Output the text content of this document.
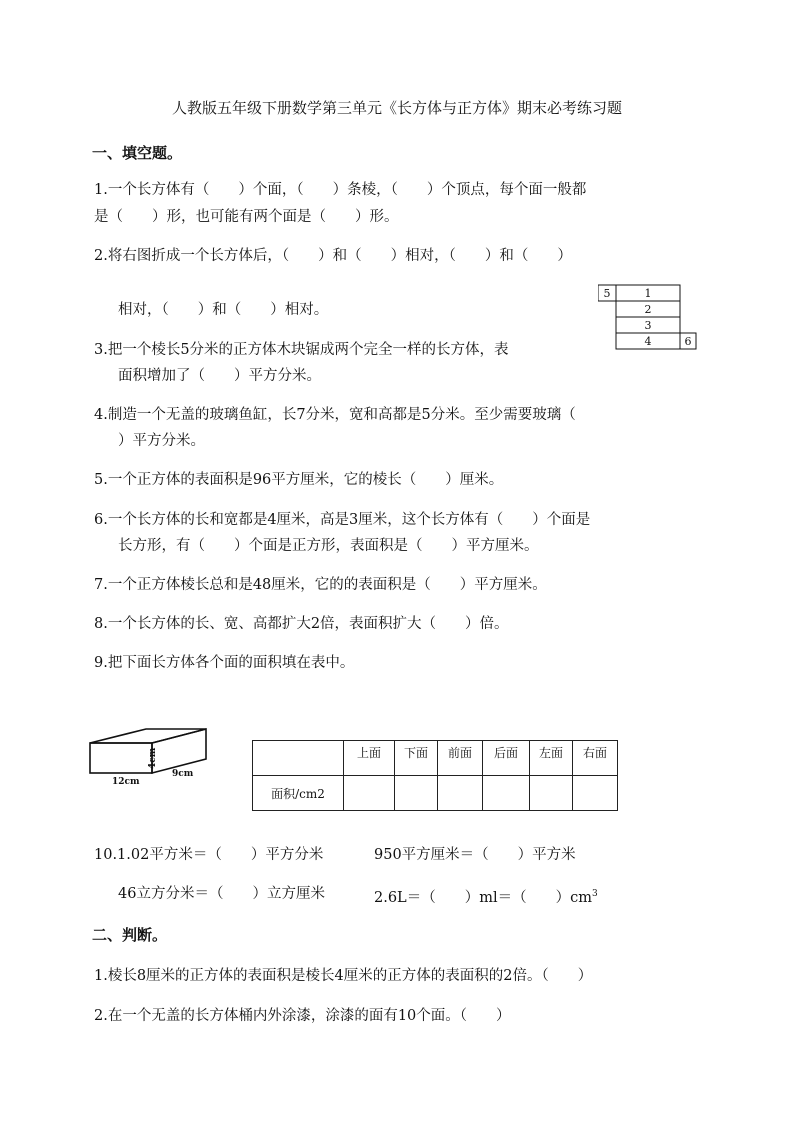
人教版五年级下册数学第三单元《长方体与正方体》期末必考练习题
一、填空题。
1.一个长方体有（　　）个面，（　　）条棱，（　　）个顶点，每个面一般都
是（　　）形，也可能有两个面是（　　）形。
2.将右图折成一个长方体后，（　　）和（　　）相对，（　　）和（　　）
相对，（　　）和（　　）相对。
5	1
2
3
4	6
3.把一个棱长5分米的正方体木块锯成两个完全一样的长方体，表
面积增加了（　　）平方分米。
4.制造一个无盖的玻璃鱼缸，长7分米，宽和高都是5分米。至少需要玻璃（
）平方分米。
5.一个正方体的表面积是96平方厘米，它的棱长（　　）厘米。
6.一个长方体的长和宽都是4厘米，高是3厘米，这个长方体有（　　）个面是
长方形，有（　　）个面是正方形，表面积是（　　）平方厘米。
7.一个正方体棱长总和是48厘米，它的的表面积是（　　）平方厘米。
8.一个长方体的长、宽、高都扩大2倍，表面积扩大（　　）倍。
9.把下面长方体各个面的面积填在表中。
12cm
9cm
4cm
		上面	下面	前面	后面	左面	右面
面积/cm2						
10.1.02平方米＝（　　）平方分米	950平方厘米＝（　　）平方米
46立方分米＝（　　）立方厘米	2.6L＝（　　）ml＝（　　）$cm^3$
二、判断。
1.棱长8厘米的正方体的表面积是棱长4厘米的正方体的表面积的2倍。（　　）
2.在一个无盖的长方体桶内外涂漆，涂漆的面有10个面。（　　）
